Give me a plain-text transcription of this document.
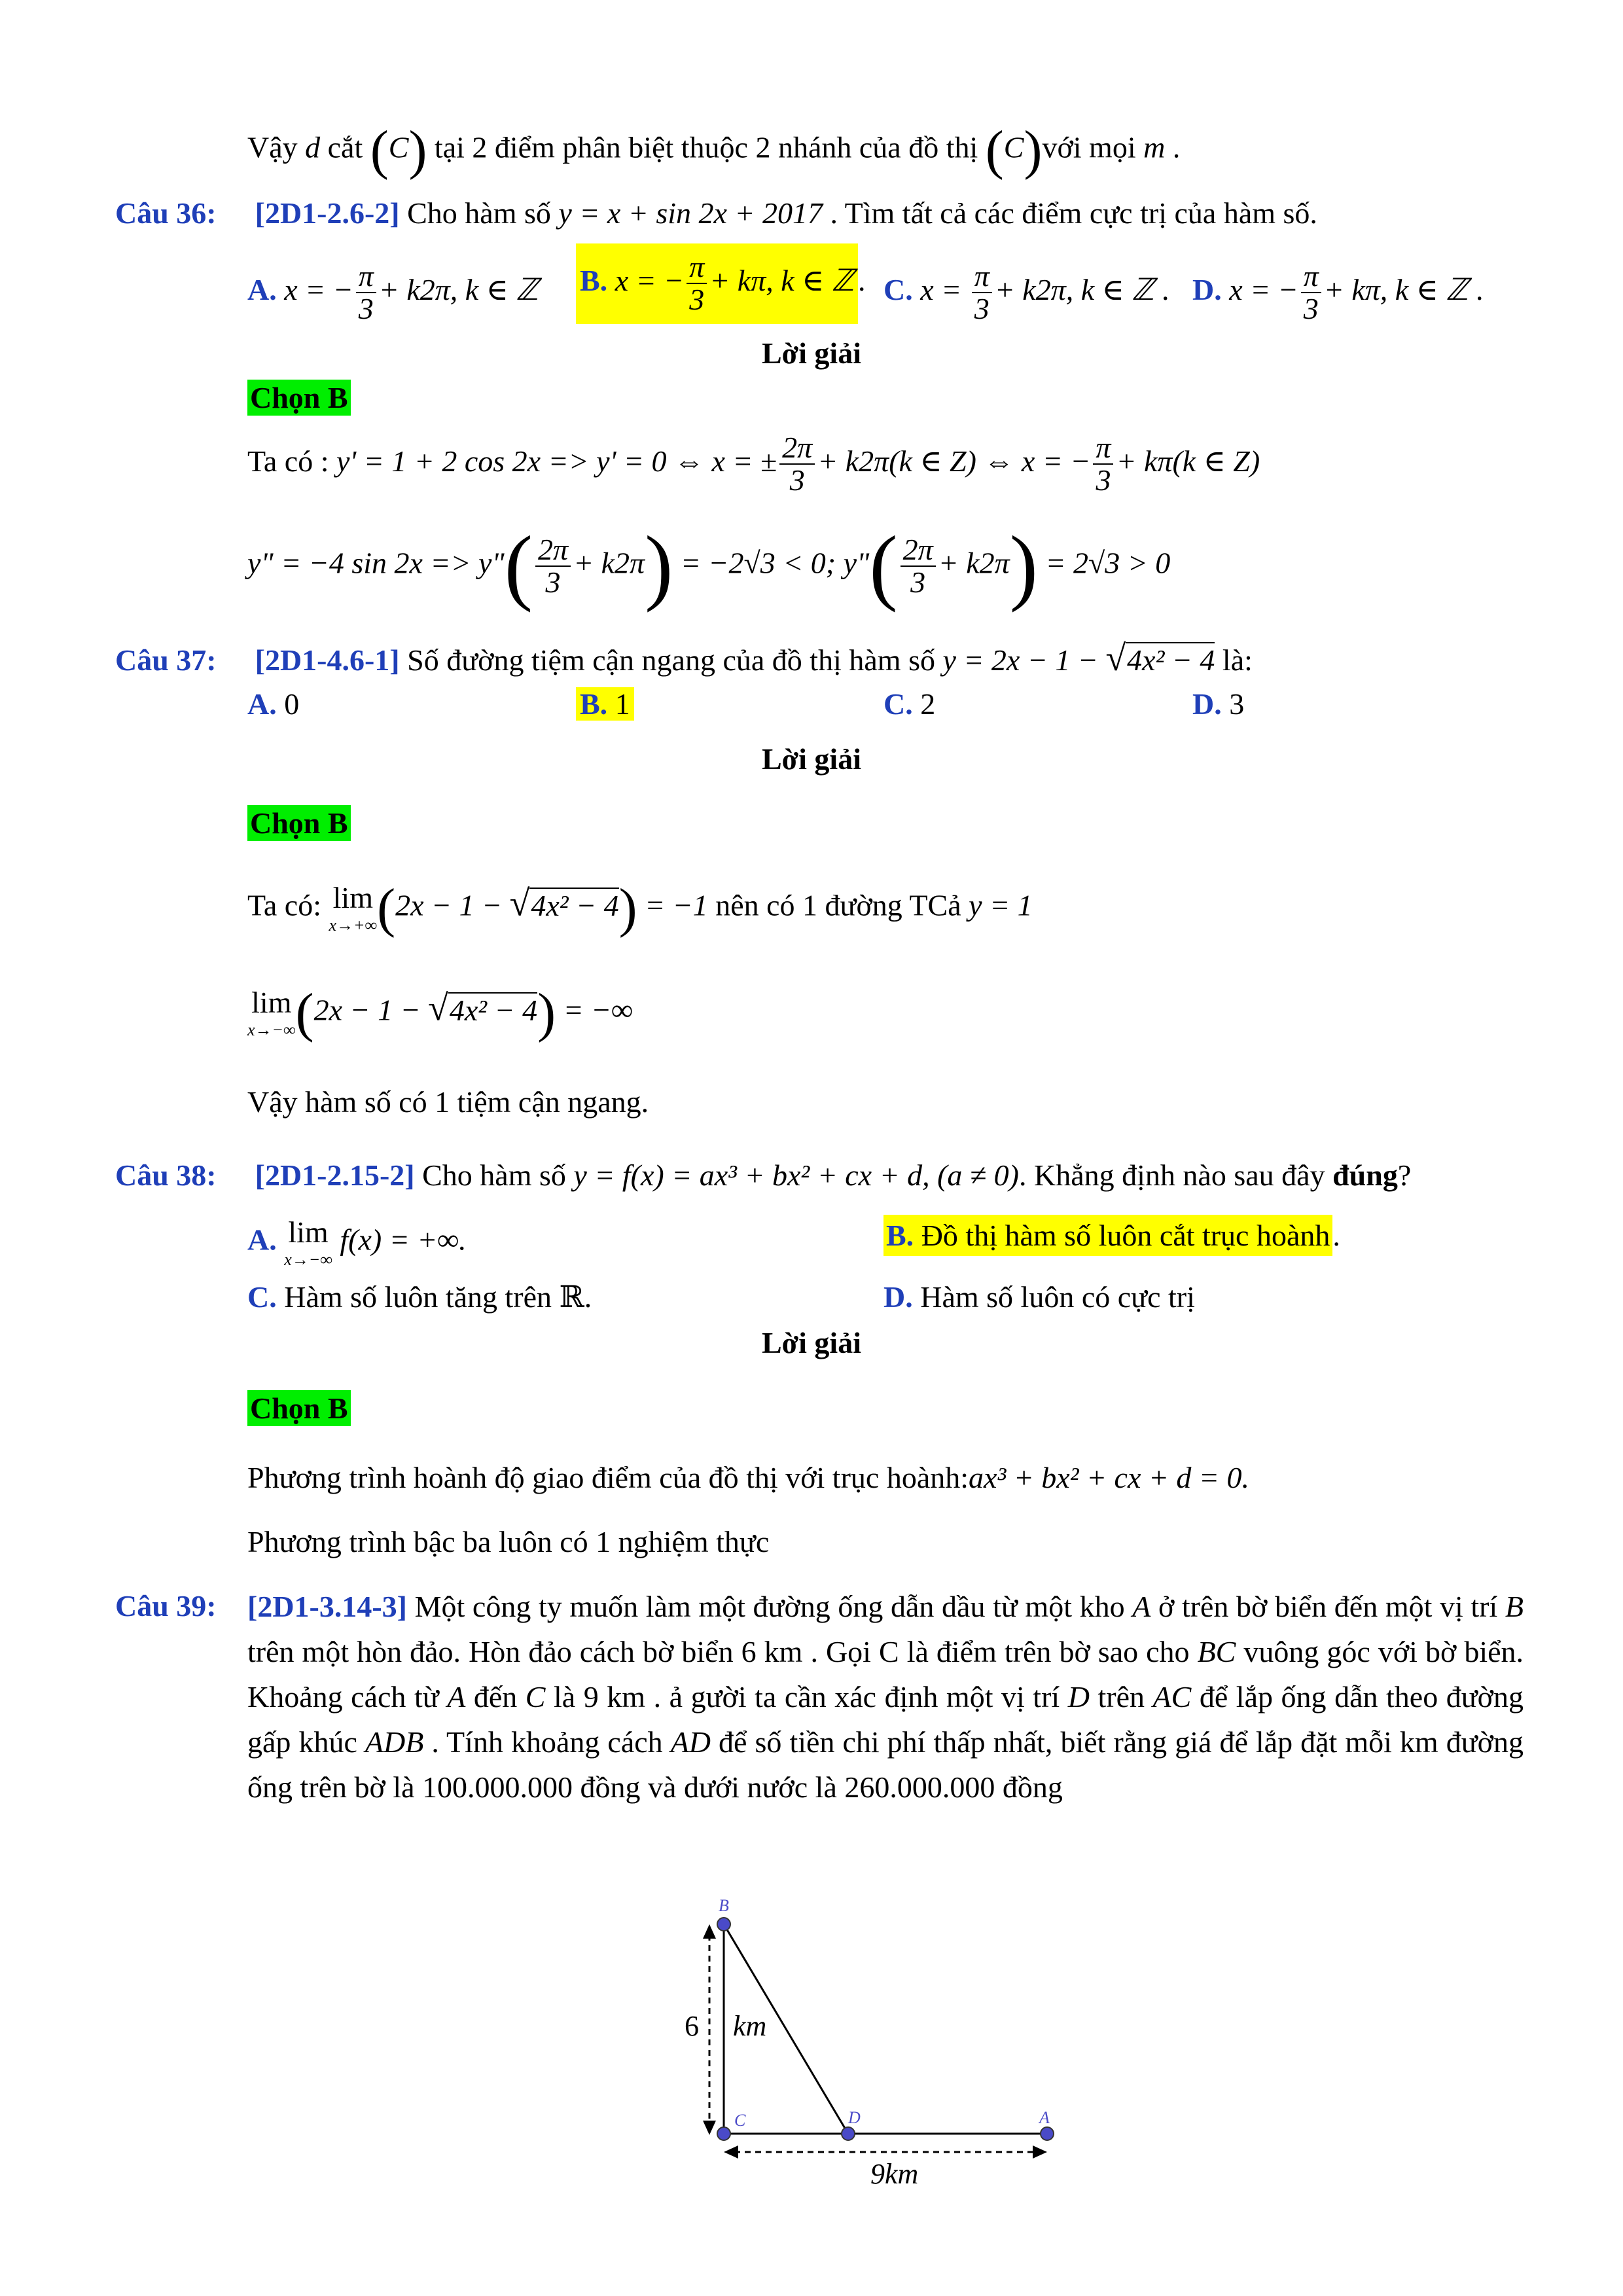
Vậy d cắt (C) tại 2 điểm phân biệt thuộc 2 nhánh của đồ thị (C)với mọi m .
Câu 36: [2D1-2.6-2] Cho hàm số y = x + sin 2x + 2017 . Tìm tất cả các điểm cực trị của hàm số.
A. x = − $\frac{\pi}{3} + k2\pi$, k ∈ ℤ B. x = − $\frac{\pi}{3} + k\pi$, k ∈ ℤ . C. $x = \frac{\pi}{3} + k2\pi$, k ∈ ℤ . D. x = − $\frac{\pi}{3} + k\pi$, k ∈ ℤ .
Lời giải
Chọn B
Ta có : y' = 1 + 2 cos 2x => y' = 0 ⇔ x = ± $\frac{2\pi}{3} + k2\pi(k$ ∈ Z) ⇔ x = − $\frac{\pi}{3} + k\pi(k$ ∈ Z)
y" = −4 sin 2x => y"( $\frac{2\pi}{3} + k2\pi) = -2√3 < 0$; y"( $\frac{2\pi}{3} + k2\pi) = 2√3 > 0$
Câu 37: [2D1-4.6-1] Số đường tiệm cận ngang của đồ thị hàm số y = 2x − 1 − √4x² − 4 là:
A. 0	B. 1	C. 2	D. 3
Lời giải
Chọn B
Ta có: lim
x→+∞ (2x − 1 − √4x² − 4) = −1 nên có 1 đường TCả y = 1
lim
x→−∞ (2x − 1 − √4x² − 4) = −∞
Vậy hàm số có 1 tiệm cận ngang.
Câu 38: [2D1-2.15-2] Cho hàm số y = f(x) = ax³ + bx² + cx + d, (a ≠ 0). Khẳng định nào sau đây đúng?
A. lim
x→−∞
f(x) = +∞.	B. Đồ thị hàm số luôn cắt trục hoành.
C. Hàm số luôn tăng trên ℝ.	D. Hàm số luôn có cực trị
Lời giải
Chọn B
Phương trình hoành độ giao điểm của đồ thị với trục hoành:ax³ + bx² + cx + d = 0.
Phương trình bậc ba luôn có 1 nghiệm thực
Câu 39: [2D1-3.14-3] Một công ty muốn làm một đường ống dẫn dầu từ một kho A ở trên bờ biển đến một vị trí B trên một hòn đảo. Hòn đảo cách bờ biển 6 km . Gọi C là điểm trên bờ sao cho BC vuông góc với bờ biển. Khoảng cách từ A đến C là 9 km . ả gười ta cần xác định một vị trí D trên AC để lắp ống dẫn theo đường gấp khúc ADB . Tính khoảng cách AD để số tiền chi phí thấp nhất, biết rằng giá để lắp đặt mỗi km đường ống trên bờ là 100.000.000 đồng và dưới nước là 260.000.000 đồng
B
C	D	A
6 km
9km
